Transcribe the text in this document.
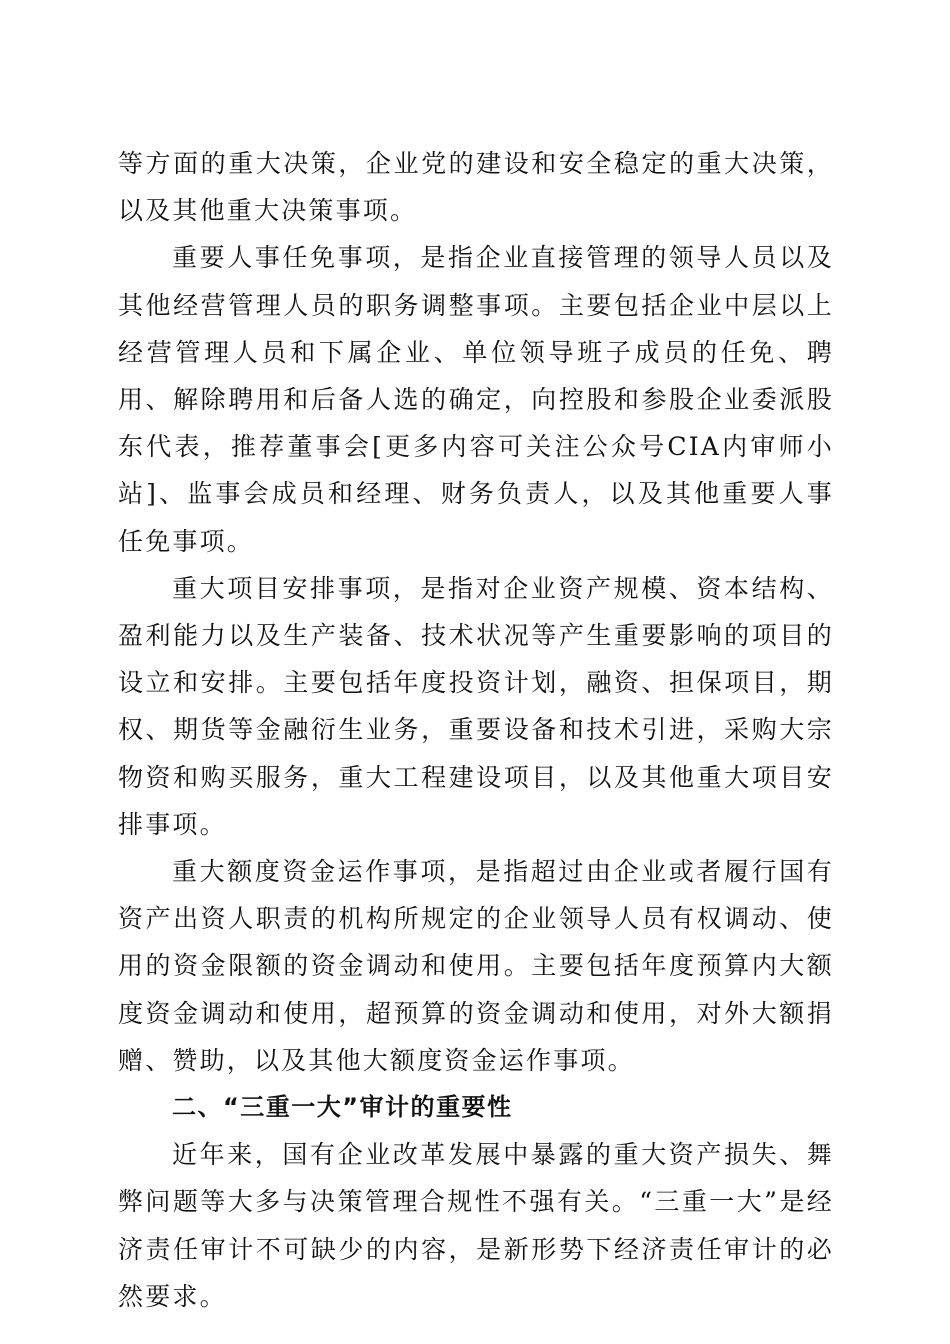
等方面的重大决策，企业党的建设和安全稳定的重大决策，以及其他重大决策事项。

重要人事任免事项，是指企业直接管理的领导人员以及其他经营管理人员的职务调整事项。主要包括企业中层以上经营管理人员和下属企业、单位领导班子成员的任免、聘用、解除聘用和后备人选的确定，向控股和参股企业委派股东代表，推荐董事会[更多内容可关注公众号CIA内审师小站]、监事会成员和经理、财务负责人，以及其他重要人事任免事项。

重大项目安排事项，是指对企业资产规模、资本结构、盈利能力以及生产装备、技术状况等产生重要影响的项目的设立和安排。主要包括年度投资计划，融资、担保项目，期权、期货等金融衍生业务，重要设备和技术引进，采购大宗物资和购买服务，重大工程建设项目，以及其他重大项目安排事项。

重大额度资金运作事项，是指超过由企业或者履行国有资产出资人职责的机构所规定的企业领导人员有权调动、使用的资金限额的资金调动和使用。主要包括年度预算内大额度资金调动和使用，超预算的资金调动和使用，对外大额捐赠、赞助，以及其他大额度资金运作事项。

二、“三重一大”审计的重要性

近年来，国有企业改革发展中暴露的重大资产损失、舞弊问题等大多与决策管理合规性不强有关。“三重一大”是经济责任审计不可缺少的内容，是新形势下经济责任审计的必然要求。
